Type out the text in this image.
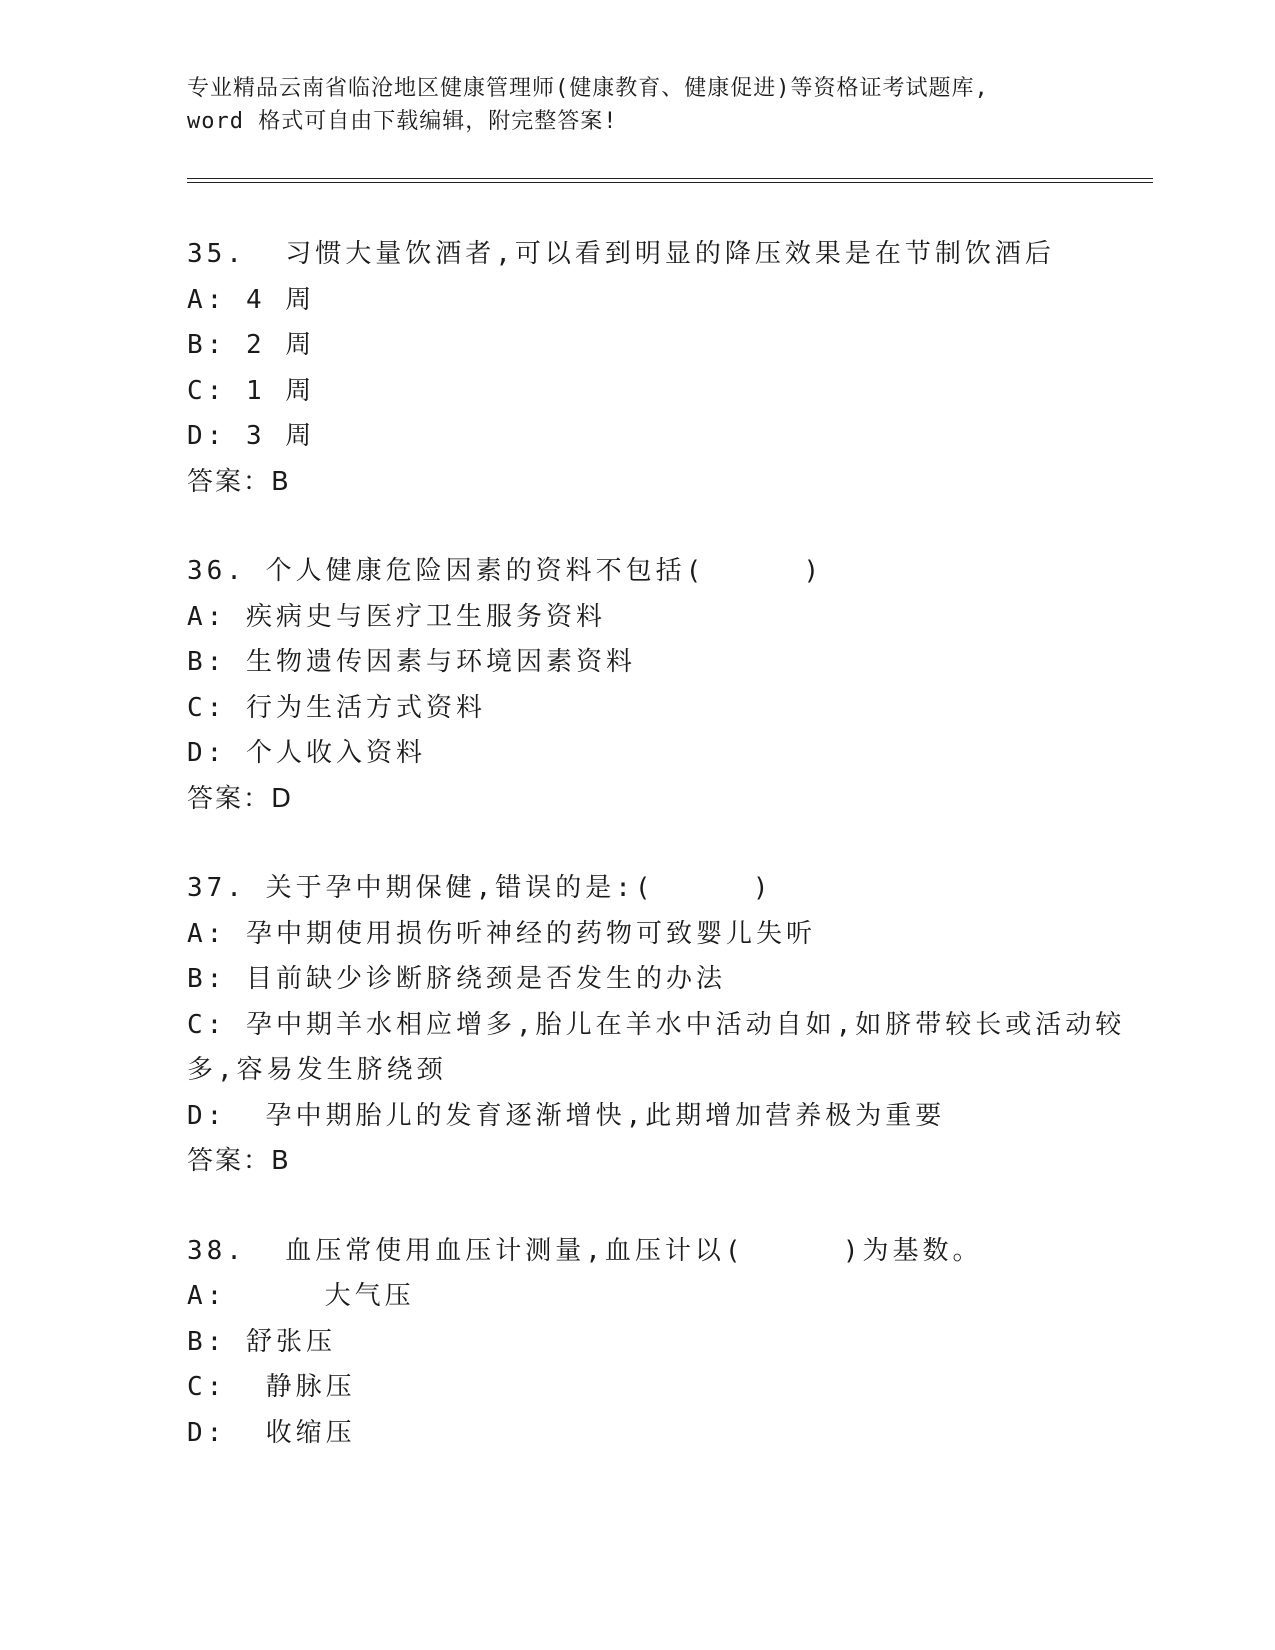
专业精品云南省临沧地区健康管理师(健康教育、健康促进)等资格证考试题库,
word 格式可自由下载编辑，附完整答案!
35.  习惯大量饮酒者,可以看到明显的降压效果是在节制饮酒后
A: 4 周
B: 2 周
C: 1 周
D: 3 周
答案：B
36. 个人健康危险因素的资料不包括(     )
A: 疾病史与医疗卫生服务资料
B: 生物遗传因素与环境因素资料
C: 行为生活方式资料
D: 个人收入资料
答案：D
37. 关于孕中期保健,错误的是:(     )
A: 孕中期使用损伤听神经的药物可致婴儿失听
B: 目前缺少诊断脐绕颈是否发生的办法
C: 孕中期羊水相应增多,胎儿在羊水中活动自如,如脐带较长或活动较多,容易发生脐绕颈
D:  孕中期胎儿的发育逐渐增快,此期增加营养极为重要
答案：B
38.  血压常使用血压计测量,血压计以(     )为基数。
A:     大气压
B: 舒张压
C:  静脉压
D:  收缩压
